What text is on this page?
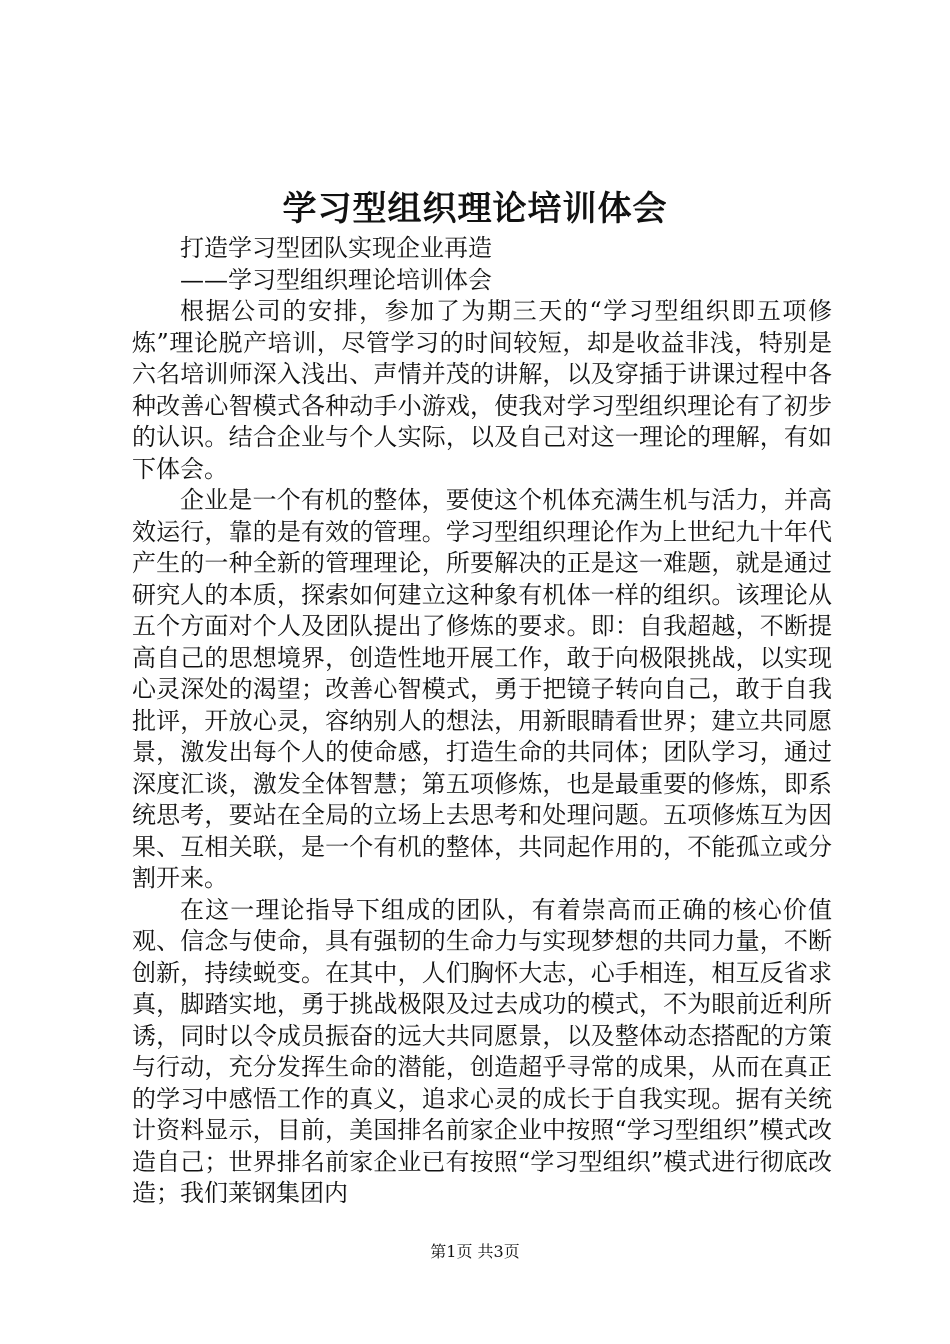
学习型组织理论培训体会

打造学习型团队实现企业再造

——学习型组织理论培训体会

根据公司的安排，参加了为期三天的“学习型组织即五项修炼”理论脱产培训，尽管学习的时间较短，却是收益非浅，特别是六名培训师深入浅出、声情并茂的讲解，以及穿插于讲课过程中各种改善心智模式各种动手小游戏，使我对学习型组织理论有了初步的认识。结合企业与个人实际，以及自己对这一理论的理解，有如下体会。

企业是一个有机的整体，要使这个机体充满生机与活力，并高效运行，靠的是有效的管理。学习型组织理论作为上世纪九十年代产生的一种全新的管理理论，所要解决的正是这一难题，就是通过研究人的本质，探索如何建立这种象有机体一样的组织。该理论从五个方面对个人及团队提出了修炼的要求。即：自我超越，不断提高自己的思想境界，创造性地开展工作，敢于向极限挑战，以实现心灵深处的渴望；改善心智模式，勇于把镜子转向自己，敢于自我批评，开放心灵，容纳别人的想法，用新眼睛看世界；建立共同愿景，激发出每个人的使命感，打造生命的共同体；团队学习，通过深度汇谈，激发全体智慧；第五项修炼，也是最重要的修炼，即系统思考，要站在全局的立场上去思考和处理问题。五项修炼互为因果、互相关联，是一个有机的整体，共同起作用的，不能孤立或分割开来。

在这一理论指导下组成的团队，有着崇高而正确的核心价值观、信念与使命，具有强韧的生命力与实现梦想的共同力量，不断创新，持续蜕变。在其中，人们胸怀大志，心手相连，相互反省求真，脚踏实地，勇于挑战极限及过去成功的模式，不为眼前近利所诱，同时以令成员振奋的远大共同愿景，以及整体动态搭配的方策与行动，充分发挥生命的潜能，创造超乎寻常的成果，从而在真正的学习中感悟工作的真义，追求心灵的成长于自我实现。据有关统计资料显示，目前，美国排名前家企业中按照“学习型组织”模式改造自己；世界排名前家企业已有按照“学习型组织”模式进行彻底改造；我们莱钢集团内

第1页 共3页
